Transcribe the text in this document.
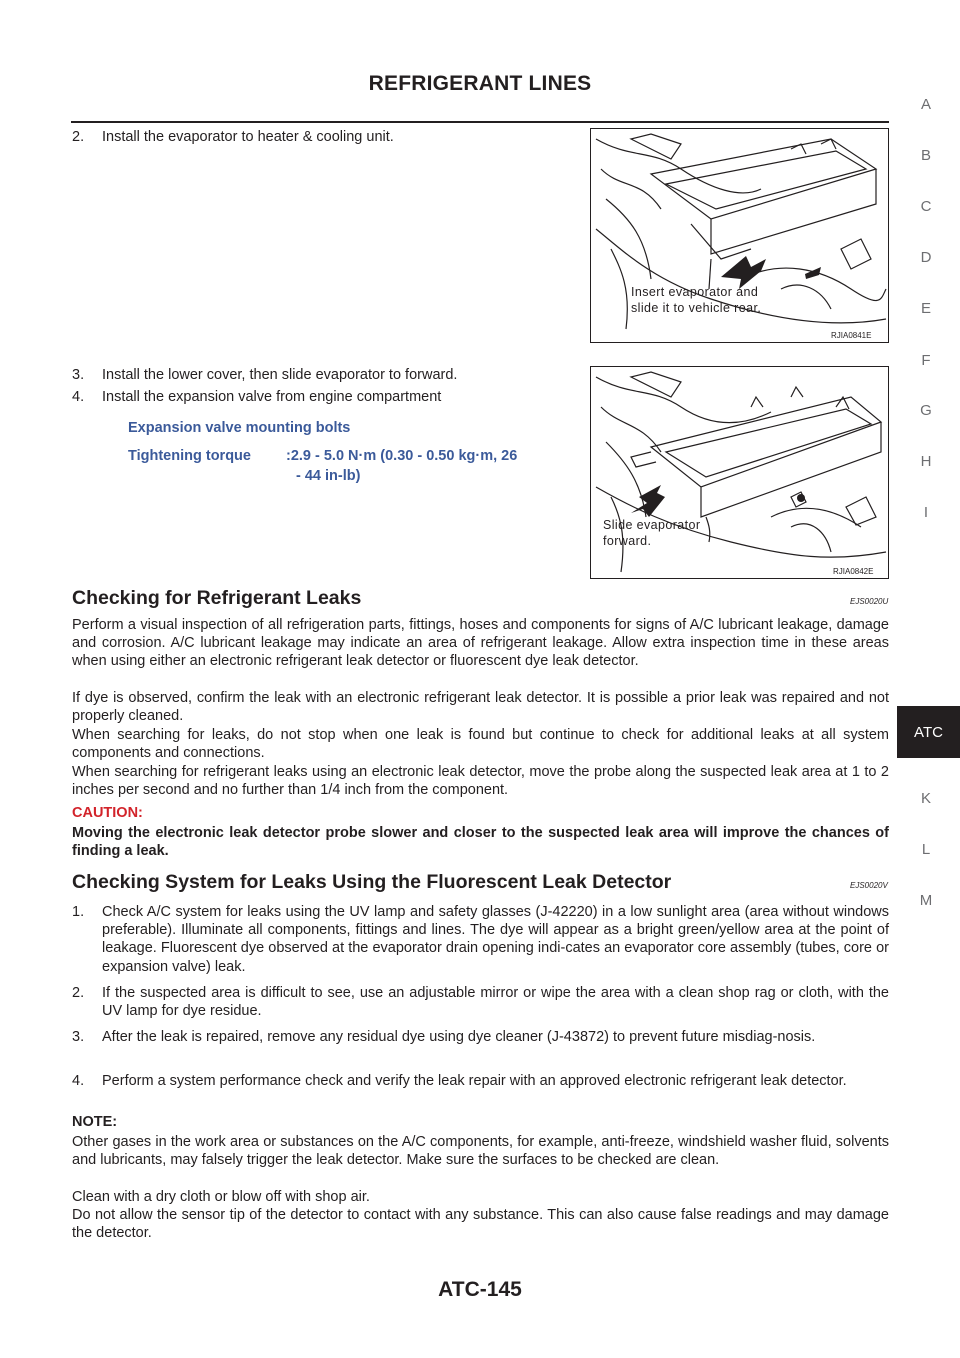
REFRIGERANT LINES
A
B
C
D
E
F
G
H
I
ATC
K
L
M
2. Install the evaporator to heater & cooling unit.
3. Install the lower cover, then slide evaporator to forward.
4. Install the expansion valve from engine compartment
Expansion valve mounting bolts
Tightening torque :2.9 - 5.0 N·m (0.30 - 0.50 kg·m, 26
- 44 in-lb)
Insert evaporator and
slide it to vehicle rear.
RJIA0841E
Slide evaporator
forward.
RJIA0842E
Checking for Refrigerant Leaks	EJS0020U
Perform a visual inspection of all refrigeration parts, fittings, hoses and components for signs of A/C lubricant leakage, damage and corrosion. A/C lubricant leakage may indicate an area of refrigerant leakage. Allow extra inspection time in these areas when using either an electronic refrigerant leak detector or fluorescent dye leak detector.
If dye is observed, confirm the leak with an electronic refrigerant leak detector. It is possible a prior leak was repaired and not properly cleaned.
When searching for leaks, do not stop when one leak is found but continue to check for additional leaks at all system components and connections.
When searching for refrigerant leaks using an electronic leak detector, move the probe along the suspected leak area at 1 to 2 inches per second and no further than 1/4 inch from the component.
CAUTION:
Moving the electronic leak detector probe slower and closer to the suspected leak area will improve the chances of finding a leak.
Checking System for Leaks Using the Fluorescent Leak Detector	EJS0020V
1. Check A/C system for leaks using the UV lamp and safety glasses (J-42220) in a low sunlight area (area without windows preferable). Illuminate all components, fittings and lines. The dye will appear as a bright green/yellow area at the point of leakage. Fluorescent dye observed at the evaporator drain opening indi-cates an evaporator core assembly (tubes, core or expansion valve) leak.
2. If the suspected area is difficult to see, use an adjustable mirror or wipe the area with a clean shop rag or cloth, with the UV lamp for dye residue.
3. After the leak is repaired, remove any residual dye using dye cleaner (J-43872) to prevent future misdiag-nosis.
4. Perform a system performance check and verify the leak repair with an approved electronic refrigerant leak detector.
NOTE:
Other gases in the work area or substances on the A/C components, for example, anti-freeze, windshield washer fluid, solvents and lubricants, may falsely trigger the leak detector. Make sure the surfaces to be checked are clean.
Clean with a dry cloth or blow off with shop air.
Do not allow the sensor tip of the detector to contact with any substance. This can also cause false readings and may damage the detector.
ATC-145
